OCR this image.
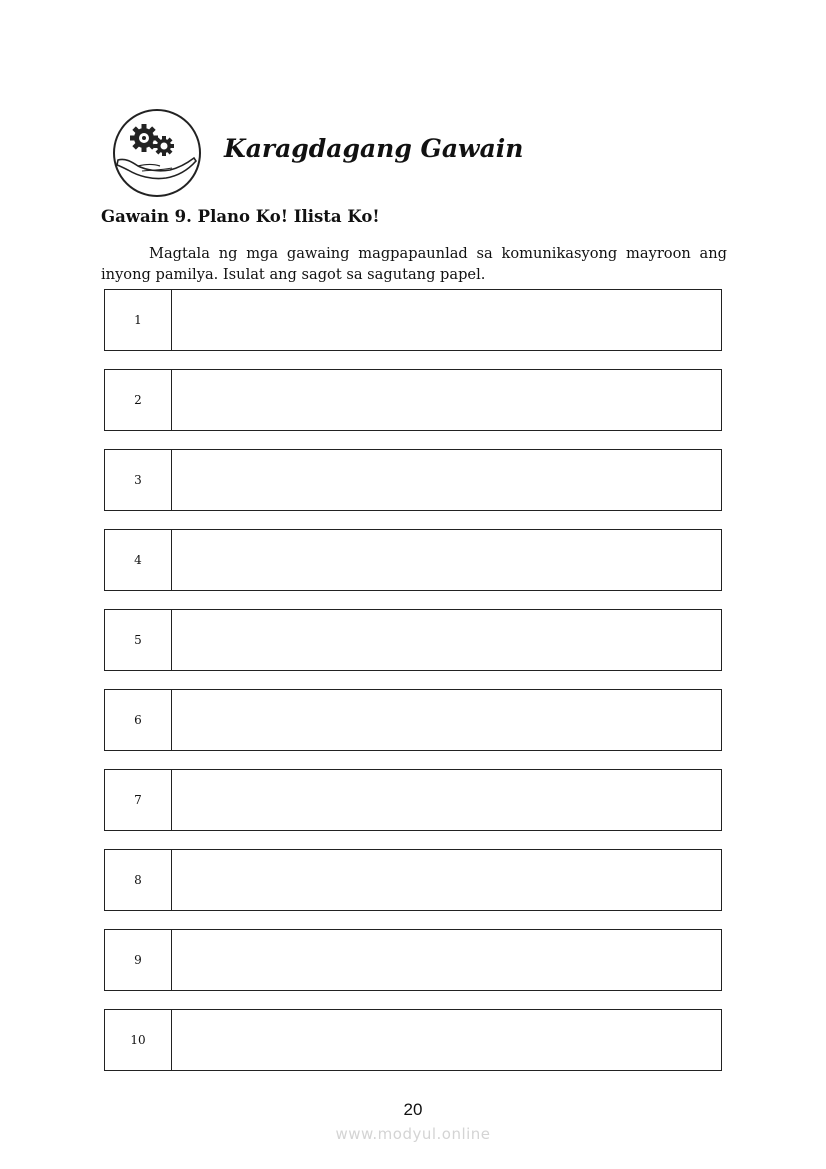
Karagdagang Gawain
Gawain 9. Plano Ko! Ilista Ko!

Magtala ng mga gawaing magpapaunlad sa komunikasyong mayroon ang inyong pamilya. Isulat ang sagot sa sagutang papel.

1
2
3
4
5
6
7
8
9
10
20
www.modyul.online
